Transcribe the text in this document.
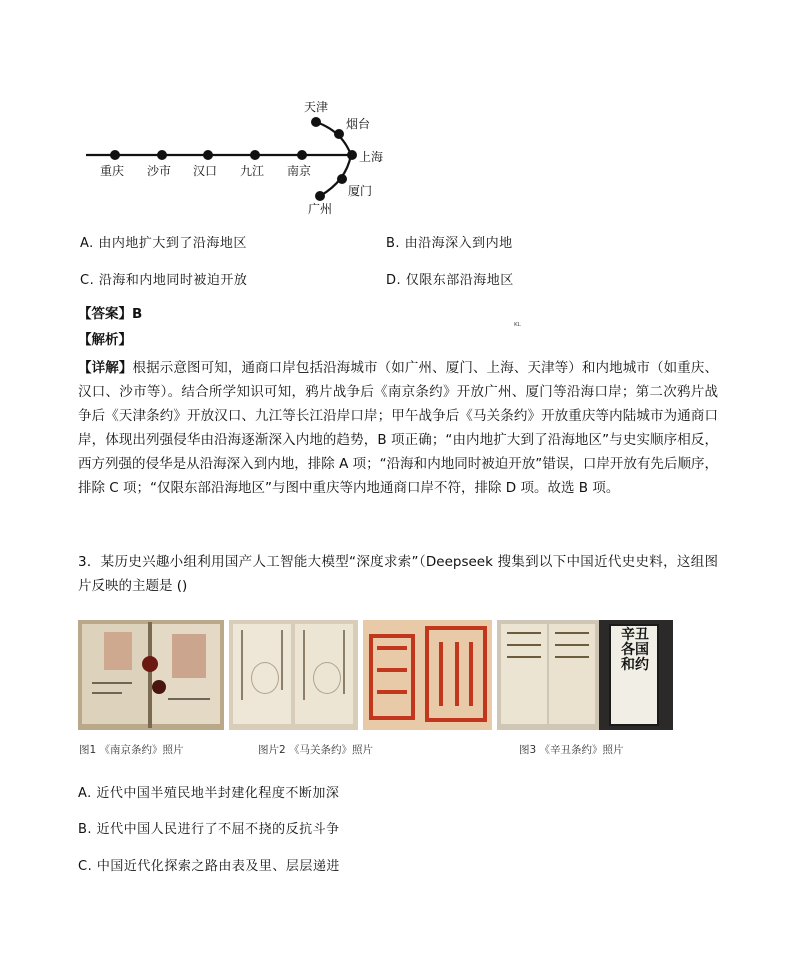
重庆 沙市 汉口 九江 南京
上海
天津
烟台
厦门
广州
A. 由内地扩大到了沿海地区	B. 由沿海深入到内地
C. 沿海和内地同时被迫开放	D. 仅限东部沿海地区
【答案】B
【解析】
ᴷᴸ
【详解】根据示意图可知，通商口岸包括沿海城市（如广州、厦门、上海、天津等）和内地城市（如重庆、汉口、沙市等）。结合所学知识可知，鸦片战争后《南京条约》开放广州、厦门等沿海口岸；第二次鸦片战争后《天津条约》开放汉口、九江等长江沿岸口岸；甲午战争后《马关条约》开放重庆等内陆城市为通商口岸，体现出列强侵华由沿海逐渐深入内地的趋势，B 项正确；“由内地扩大到了沿海地区”与史实顺序相反，西方列强的侵华是从沿海深入到内地，排除 A 项；“沿海和内地同时被迫开放”错误，口岸开放有先后顺序，排除 C 项；“仅限东部沿海地区”与图中重庆等内地通商口岸不符，排除 D 项。故选 B 项。
3．某历史兴趣小组利用国产人工智能大模型“深度求索”（Deepseek 搜集到以下中国近代史史料，这组图片反映的主题是 ()
辛丑各国和约
图1 《南京条约》照片	图片2 《马关条约》照片	图3 《辛丑条约》照片
A. 近代中国半殖民地半封建化程度不断加深
B. 近代中国人民进行了不屈不挠的反抗斗争
C. 中国近代化探索之路由表及里、层层递进
